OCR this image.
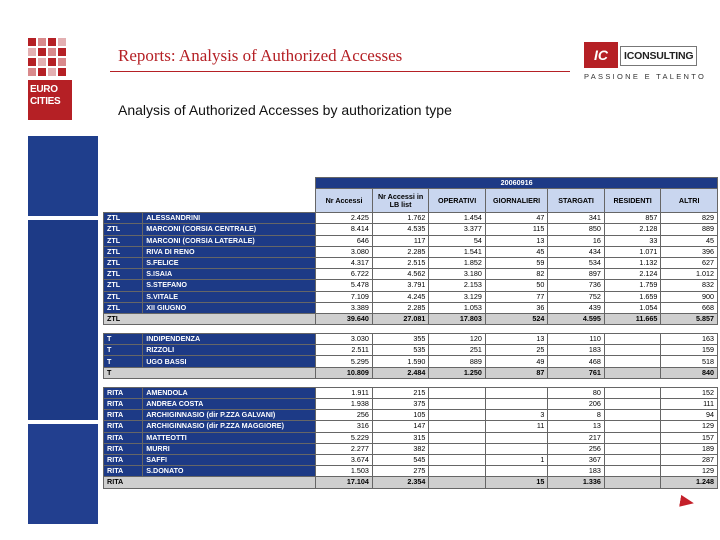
EURO
CITIES
Reports: Analysis of Authorized Accesses
Analysis of Authorized Accesses by authorization type
IC	ICONSULTING
PASSIONE E TALENTO
		20060916						
		Nr Accessi	Nr Accessi in LB list	OPERATIVI	GIORNALIERI	STARGATI	RESIDENTI	ALTRI
ZTL	ALESSANDRINI	2.425	1.762	1.454	47	341	857	829
ZTL	MARCONI (CORSIA CENTRALE)	8.414	4.535	3.377	115	850	2.128	889
ZTL	MARCONI (CORSIA LATERALE)	646	117	54	13	16	33	45
ZTL	RIVA DI RENO	3.080	2.285	1.541	45	434	1.071	396
ZTL	S.FELICE	4.317	2.515	1.852	59	534	1.132	627
ZTL	S.ISAIA	6.722	4.562	3.180	82	897	2.124	1.012
ZTL	S.STEFANO	5.478	3.791	2.153	50	736	1.759	832
ZTL	S.VITALE	7.109	4.245	3.129	77	752	1.659	900
ZTL	XII GIUGNO	3.389	2.285	1.053	36	439	1.054	668
ZTL		39.640	27.081	17.803	524	4.595	11.665	5.857

T	INDIPENDENZA	3.030	355	120	13	110		163
T	RIZZOLI	2.511	535	251	25	183		159
T	UGO BASSI	5.295	1.590	889	49	468		518
T		10.809	2.484	1.250	87	761		840

RITA	AMENDOLA	1.911	215			80		152
RITA	ANDREA COSTA	1.938	375			206		111
RITA	ARCHIGINNASIO (dir P.ZZA GALVANI)	256	105		3	8		94
RITA	ARCHIGINNASIO (dir P.ZZA MAGGIORE)	316	147		11	13		129
RITA	MATTEOTTI	5.229	315			217		157
RITA	MURRI	2.277	382			256		189
RITA	SAFFI	3.674	545		1	367		287
RITA	S.DONATO	1.503	275			183		129
RITA		17.104	2.354		15	1.336		1.248
